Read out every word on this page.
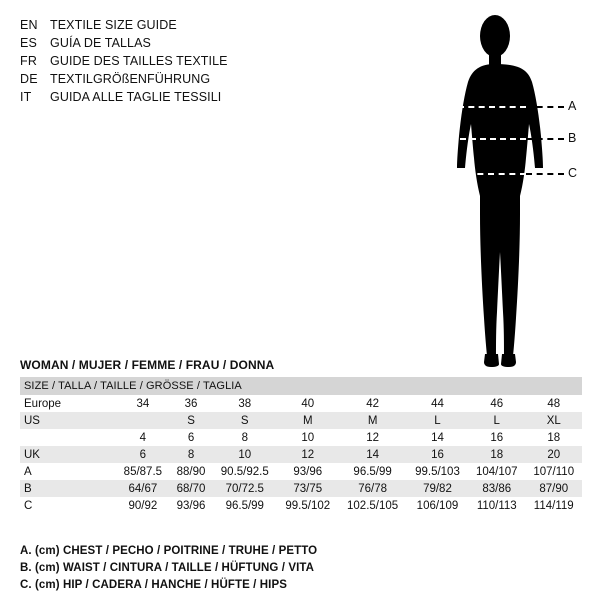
EN TEXTILE SIZE GUIDE
ES	GUÍA DE TALLAS
FR	GUIDE DES TAILLES TEXTILE
DE TEXTILGRÖßENFÜHRUNG
IT	GUIDA ALLE TAGLIE TESSILI
A
B
C
WOMAN / MUJER / FEMME / FRAU / DONNA
SIZE / TALLA / TAILLE / GRÖSSE / TAGLIA								
Europe	34	36	38	40	42	44	46	48
US		S	S	M	M	L	L	XL
	4	6	8	10	12	14	16	18
UK	6	8	10	12	14	16	18	20
A	85/87.5	88/90	90.5/92.5	93/96	96.5/99	99.5/103	104/107	107/110
B	64/67	68/70	70/72.5	73/75	76/78	79/82	83/86	87/90
C	90/92	93/96	96.5/99	99.5/102	102.5/105	106/109	110/113	114/119
A. (cm) CHEST / PECHO / POITRINE / TRUHE / PETTO
B. (cm) WAIST / CINTURA / TAILLE / HÜFTUNG / VITA
C. (cm) HIP / CADERA / HANCHE / HÜFTE / HIPS
